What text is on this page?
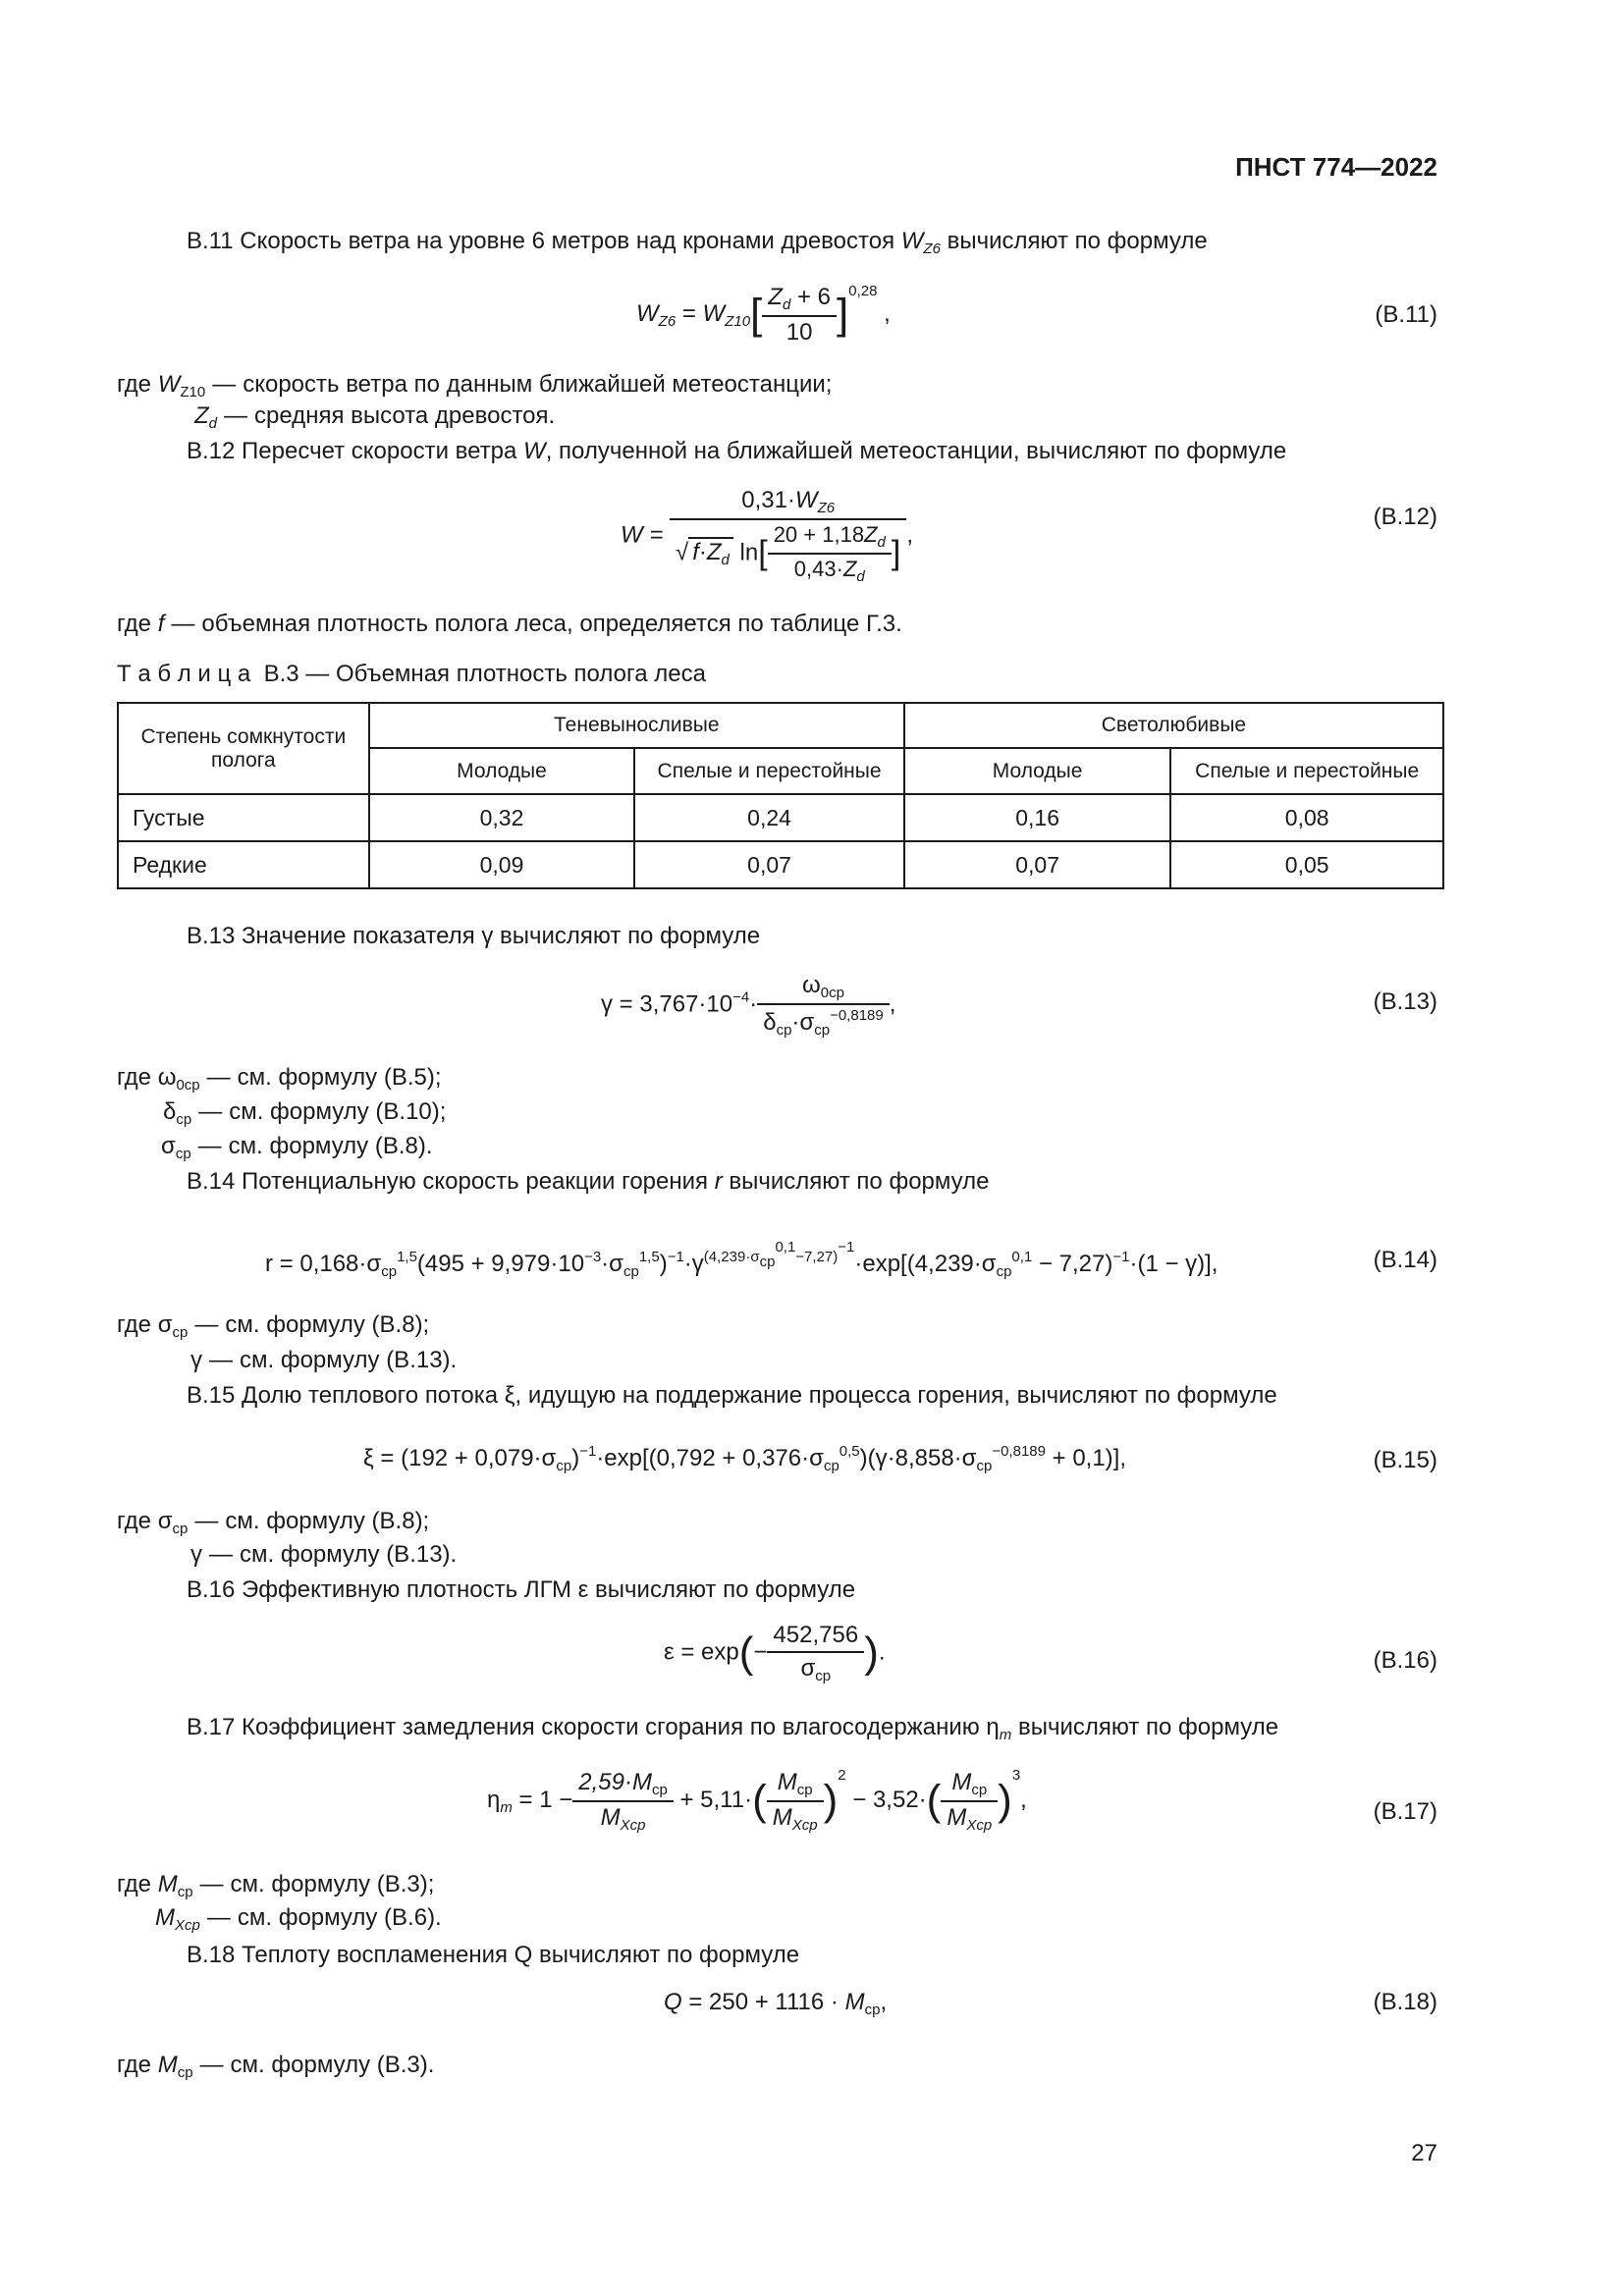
ПНСТ 774—2022
В.11 Скорость ветра на уровне 6 метров над кронами древостоя $W_{Z6}$ вычисляют по формуле
$W_{Z6} = W_{Z10}[ \frac{Z_d + 6}{10} ]^{0,28}$ ,	(В.11)
где $W_{Z10}$ — скорость ветра по данным ближайшей метеостанции;
$Z_d$ — средняя высота древостоя.
В.12 Пересчет скорости ветра W, полученной на ближайшей метеостанции, вычисляют по формуле
$W = \frac{0,31\cdot W_{Z6}}{√ f\cdot Z_d \ln[ \frac{20 + 1,18Z_d}{0,43\cdot Z_d} ]}$ ,
(В.12)
где f — объемная плотность полога леса, определяется по таблице Г.3.
Т а б л и ц а В.3 — Объемная плотность полога леса
Степень сомкнутости полога	Теневыносливые		Светолюбивые	
	Молодые	Спелые и перестойные	Молодые	Спелые и перестойные
Густые	0,32	0,24	0,16	0,08
Редкие	0,09	0,07	0,07	0,05
В.13 Значение показателя γ вычисляют по формуле
$\gamma = 3,767\cdot 10^{-4}\cdot \frac{\omega_{0ср}}{\delta_{ср}\cdot\sigma_{ср}^{-0,8189}}$ ,	(В.13)
где $\omega_{0ср}$ — см. формулу (В.5);
$\delta_{ср}$ — см. формулу (В.10);
$\sigma_{ср}$ — см. формулу (В.8).
В.14 Потенциальную скорость реакции горения r вычисляют по формуле
$r = 0,168\cdot\sigma_{ср}^{1,5}(495 + 9,979\cdot 10^{-3}\cdot\sigma_{ср}^{1,5})^{-1}\cdot\gamma^{(4,239\cdot\sigma_{ср}^{0,1}-7,27)^{-1}}\cdot\exp[(4,239\cdot\sigma_{ср}^{0,1} - 7,27)^{-1}\cdot(1 - \gamma)]$,	(В.14)
где $\sigma_{ср}$ — см. формулу (В.8);
γ — см. формулу (В.13).
В.15 Долю теплового потока ξ, идущую на поддержание процесса горения, вычисляют по формуле
$\xi = (192 + 0,079\cdot\sigma_{ср})^{-1}\cdot\exp[(0,792 + 0,376\cdot\sigma_{ср}^{0,5})(\gamma\cdot 8,858\cdot\sigma_{ср}^{-0,8189} + 0,1)]$,	(В.15)
где $\sigma_{ср}$ — см. формулу (В.8);
γ — см. формулу (В.13).
В.16 Эффективную плотность ЛГМ ε вычисляют по формуле
$\varepsilon = \exp(- \frac{452,756}{\sigma_{ср}}$ ).	(В.16)
В.17 Коэффициент замедления скорости сгорания по влагосодержанию $\eta_m$ вычисляют по формуле
$\eta_m = 1 - \frac{2,59\cdot M_{ср}}{M_{Xср}} + 5,11\cdot( \frac{M_{ср}}{M_{Xср}} )^2 - 3,52\cdot( \frac{M_{ср}}{M_{Xср}} )^3$,	(В.17)
где $M_{ср}$ — см. формулу (В.3);
$M_{Xср}$ — см. формулу (В.6).
В.18 Теплоту воспламенения Q вычисляют по формуле
$Q = 250 + 1116 \cdot M_{ср}$,	(В.18)
где $M_{ср}$ — см. формулу (В.3).
27
